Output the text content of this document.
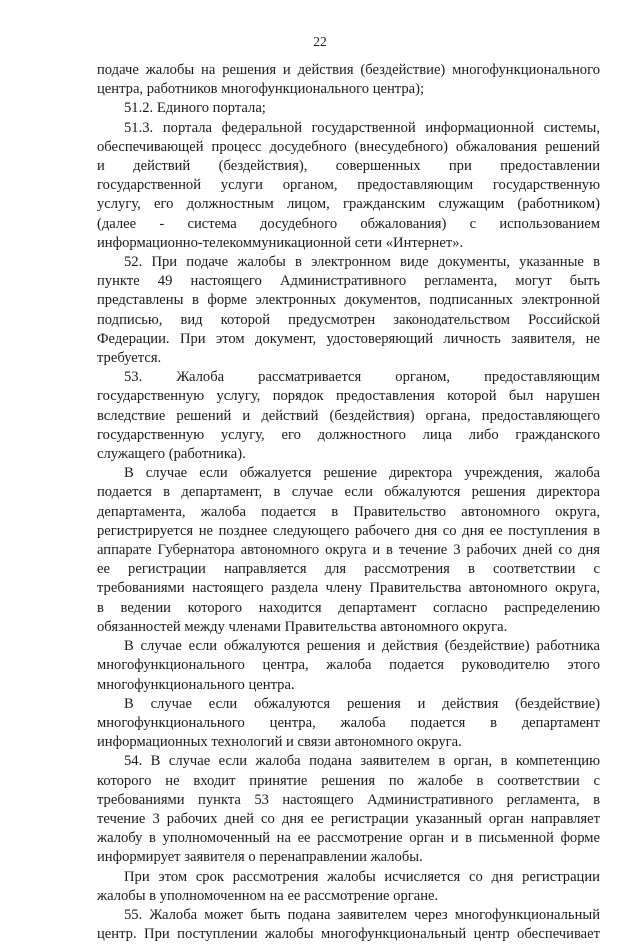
22
подаче жалобы на решения и действия (бездействие) многофункционального
центра, работников многофункционального центра);
51.2. Единого портала;
51.3. портала федеральной государственной информационной системы,
обеспечивающей процесс досудебного (внесудебного) обжалования решений
и действий (бездействия), совершенных при предоставлении
государственной услуги органом, предоставляющим государственную
услугу, его должностным лицом, гражданским служащим (работником)
(далее - система досудебного обжалования) с использованием
информационно-телекоммуникационной сети «Интернет».
52. При подаче жалобы в электронном виде документы, указанные в
пункте 49 настоящего Административного регламента, могут быть
представлены в форме электронных документов, подписанных электронной
подписью, вид которой предусмотрен законодательством Российской
Федерации. При этом документ, удостоверяющий личность заявителя, не
требуется.
53. Жалоба рассматривается органом, предоставляющим
государственную услугу, порядок предоставления которой был нарушен
вследствие решений и действий (бездействия) органа, предоставляющего
государственную услугу, его должностного лица либо гражданского
служащего (работника).
В случае если обжалуется решение директора учреждения, жалоба
подается в департамент, в случае если обжалуются решения директора
департамента, жалоба подается в Правительство автономного округа,
регистрируется не позднее следующего рабочего дня со дня ее поступления в
аппарате Губернатора автономного округа и в течение 3 рабочих дней со дня
ее регистрации направляется для рассмотрения в соответствии с
требованиями настоящего раздела члену Правительства автономного округа,
в ведении которого находится департамент согласно распределению
обязанностей между членами Правительства автономного округа.
В случае если обжалуются решения и действия (бездействие) работника
многофункционального центра, жалоба подается руководителю этого
многофункционального центра.
В случае если обжалуются решения и действия (бездействие)
многофункционального центра, жалоба подается в департамент
информационных технологий и связи автономного округа.
54. В случае если жалоба подана заявителем в орган, в компетенцию
которого не входит принятие решения по жалобе в соответствии с
требованиями пункта 53 настоящего Административного регламента, в
течение 3 рабочих дней со дня ее регистрации указанный орган направляет
жалобу в уполномоченный на ее рассмотрение орган и в письменной форме
информирует заявителя о перенаправлении жалобы.
При этом срок рассмотрения жалобы исчисляется со дня регистрации
жалобы в уполномоченном на ее рассмотрение органе.
55. Жалоба может быть подана заявителем через многофункциональный
центр. При поступлении жалобы многофункциональный центр обеспечивает
